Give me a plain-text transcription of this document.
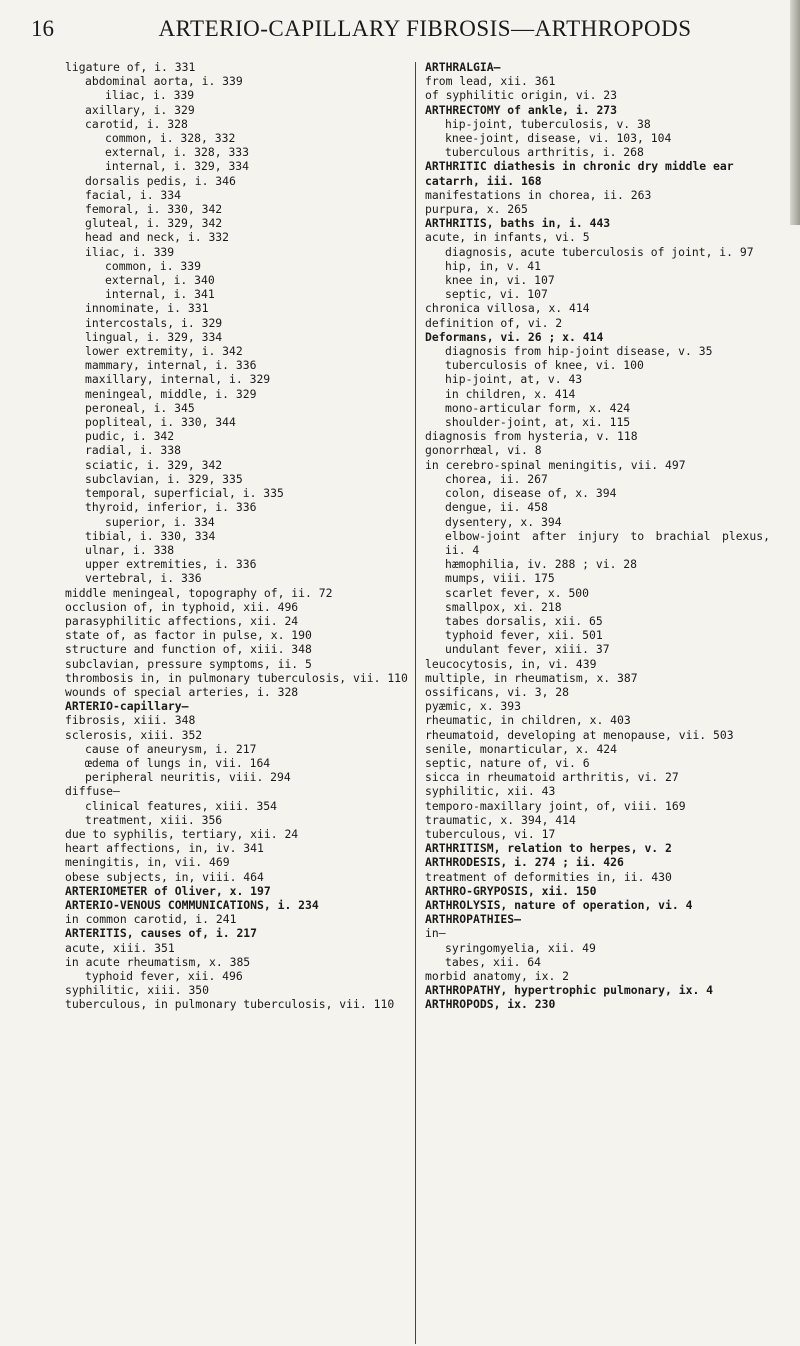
16	ARTERIO-CAPILLARY FIBROSIS—ARTHROPODS
ligature of, i. 331
abdominal aorta, i. 339
iliac, i. 339
axillary, i. 329
carotid, i. 328
common, i. 328, 332
external, i. 328, 333
internal, i. 329, 334
dorsalis pedis, i. 346
facial, i. 334
femoral, i. 330, 342
gluteal, i. 329, 342
head and neck, i. 332
iliac, i. 339
common, i. 339
external, i. 340
internal, i. 341
innominate, i. 331
intercostals, i. 329
lingual, i. 329, 334
lower extremity, i. 342
mammary, internal, i. 336
maxillary, internal, i. 329
meningeal, middle, i. 329
peroneal, i. 345
popliteal, i. 330, 344
pudic, i. 342
radial, i. 338
sciatic, i. 329, 342
subclavian, i. 329, 335
temporal, superficial, i. 335
thyroid, inferior, i. 336
superior, i. 334
tibial, i. 330, 334
ulnar, i. 338
upper extremities, i. 336
vertebral, i. 336
middle meningeal, topography of, ii. 72
occlusion of, in typhoid, xii. 496
parasyphilitic affections, xii. 24
state of, as factor in pulse, x. 190
structure and function of, xiii. 348
subclavian, pressure symptoms, ii. 5
thrombosis in, in pulmonary tuberculosis, vii. 110
wounds of special arteries, i. 328
ARTERIO-capillary—
fibrosis, xiii. 348
sclerosis, xiii. 352
cause of aneurysm, i. 217
œdema of lungs in, vii. 164
peripheral neuritis, viii. 294
diffuse—
clinical features, xiii. 354
treatment, xiii. 356
due to syphilis, tertiary, xii. 24
heart affections, in, iv. 341
meningitis, in, vii. 469
obese subjects, in, viii. 464
ARTERIOMETER of Oliver, x. 197
ARTERIO-VENOUS COMMUNICATIONS, i. 234
in common carotid, i. 241
ARTERITIS, causes of, i. 217
acute, xiii. 351
in acute rheumatism, x. 385
typhoid fever, xii. 496
syphilitic, xiii. 350
tuberculous, in pulmonary tuberculosis, vii. 110
ARTHRALGIA—
from lead, xii. 361
of syphilitic origin, vi. 23
ARTHRECTOMY of ankle, i. 273
hip-joint, tuberculosis, v. 38
knee-joint, disease, vi. 103, 104
tuberculous arthritis, i. 268
ARTHRITIC diathesis in chronic dry middle ear catarrh, iii. 168
manifestations in chorea, ii. 263
purpura, x. 265
ARTHRITIS, baths in, i. 443
acute, in infants, vi. 5
diagnosis, acute tuberculosis of joint, i. 97
hip, in, v. 41
knee in, vi. 107
septic, vi. 107
chronica villosa, x. 414
definition of, vi. 2
Deformans, vi. 26 ; x. 414
diagnosis from hip-joint disease, v. 35
tuberculosis of knee, vi. 100
hip-joint, at, v. 43
in children, x. 414
mono-articular form, x. 424
shoulder-joint, at, xi. 115
diagnosis from hysteria, v. 118
gonorrhœal, vi. 8
in cerebro-spinal meningitis, vii. 497
chorea, ii. 267
colon, disease of, x. 394
dengue, ii. 458
dysentery, x. 394
elbow-joint after injury to brachial plexus, ii. 4
hæmophilia, iv. 288 ; vi. 28
mumps, viii. 175
scarlet fever, x. 500
smallpox, xi. 218
tabes dorsalis, xii. 65
typhoid fever, xii. 501
undulant fever, xiii. 37
leucocytosis, in, vi. 439
multiple, in rheumatism, x. 387
ossificans, vi. 3, 28
pyæmic, x. 393
rheumatic, in children, x. 403
rheumatoid, developing at menopause, vii. 503
senile, monarticular, x. 424
septic, nature of, vi. 6
sicca in rheumatoid arthritis, vi. 27
syphilitic, xii. 43
temporo-maxillary joint, of, viii. 169
traumatic, x. 394, 414
tuberculous, vi. 17
ARTHRITISM, relation to herpes, v. 2
ARTHRODESIS, i. 274 ; ii. 426
treatment of deformities in, ii. 430
ARTHRO-GRYPOSIS, xii. 150
ARTHROLYSIS, nature of operation, vi. 4
ARTHROPATHIES—
in—
syringomyelia, xii. 49
tabes, xii. 64
morbid anatomy, ix. 2
ARTHROPATHY, hypertrophic pulmonary, ix. 4
ARTHROPODS, ix. 230
